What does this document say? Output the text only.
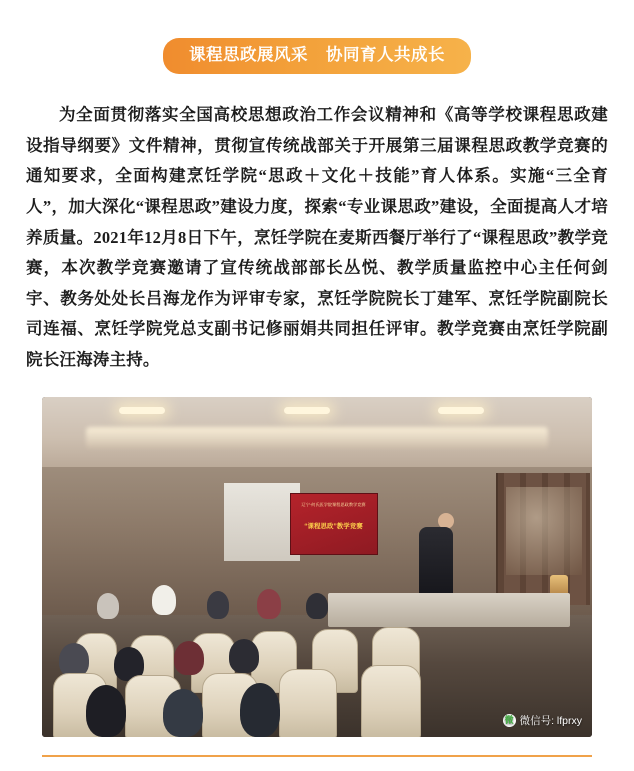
课程思政展风采 协同育人共成长

为全面贯彻落实全国高校思想政治工作会议精神和《高等学校课程思政建设指导纲要》文件精神，贯彻宣传统战部关于开展第三届课程思政教学竞赛的通知要求，全面构建烹饪学院“思政＋文化＋技能”育人体系。实施“三全育人”，加大深化“课程思政”建设力度，探索“专业课思政”建设，全面提高人才培养质量。2021年12月8日下午，烹饪学院在麦斯西餐厅举行了“课程思政”教学竞赛，本次教学竞赛邀请了宣传统战部部长丛悦、教学质量监控中心主任何剑宇、教务处处长吕海龙作为评审专家，烹饪学院院长丁建军、烹饪学院副院长司连福、烹饪学院党总支副书记修丽娟共同担任评审。教学竞赛由烹饪学院副院长汪海涛主持。

辽宁·何氏医学院课程思政教学竞赛
“课程思政”教学竞赛
微 微信号: lfprxy
